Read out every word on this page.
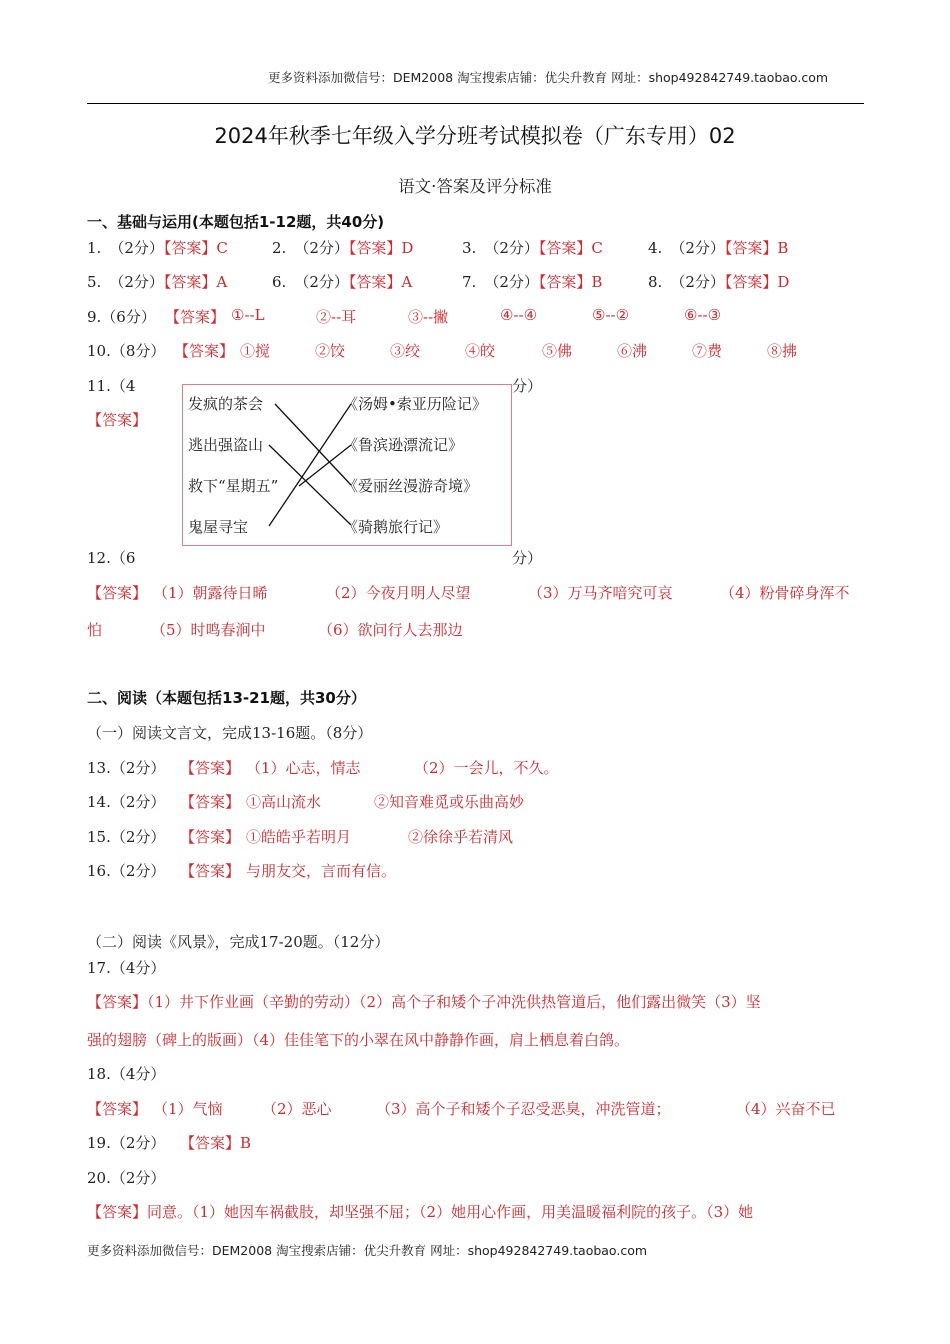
更多资料添加微信号：DEM2008 淘宝搜索店铺：优尖升教育 网址：shop492842749.taobao.com
2024年秋季七年级入学分班考试模拟卷（广东专用）02
语文·答案及评分标准
一、基础与运用(本题包括1-12题，共40分)
1. （2分）【答案】C	2. （2分）【答案】D	3. （2分）【答案】C	4. （2分）【答案】B
5. （2分）【答案】A	6. （2分）【答案】A	7. （2分）【答案】B	8. （2分）【答案】D
9.（6分） 【答案】 ①--L	②--耳	③--撇	④--④	⑤--②	⑥--③
10.（8分） 【答案】 ①搅	②饺	③绞	④皎	⑤佛	⑥沸	⑦费	⑧拂
11.（4	分）
【答案】
发疯的茶会
逃出强盗山
救下“星期五”
鬼屋寻宝
《汤姆•索亚历险记》
《鲁滨逊漂流记》
《爱丽丝漫游奇境》
《骑鹅旅行记》
12.（6	分）
【答案】 （1）朝露待日晞	（2）今夜月明人尽望	（3）万马齐喑究可哀	（4）粉骨碎身浑不
怕	（5）时鸣春涧中	（6）欲问行人去那边
二、阅读（本题包括13-21题，共30分）
（一）阅读文言文，完成13-16题。（8分）
13.（2分） 【答案】 （1）心志，情志	（2）一会儿，不久。
14.（2分） 【答案】 ①高山流水	②知音难觅或乐曲高妙
15.（2分） 【答案】 ①皓皓乎若明月	②徐徐乎若清风
16.（2分） 【答案】 与朋友交，言而有信。
（二）阅读《风景》，完成17-20题。（12分）
17.（4分）
【答案】（1）井下作业画（辛勤的劳动）（2）高个子和矮个子冲洗供热管道后，他们露出微笑（3）坚
强的翅膀（碑上的版画）（4）佳佳笔下的小翠在风中静静作画，肩上栖息着白鸽。
18.（4分）
【答案】 （1）气恼	（2）恶心	（3）高个子和矮个子忍受恶臭，冲洗管道；	（4）兴奋不已
19.（2分） 【答案】B
20.（2分）
【答案】同意。（1）她因车祸截肢，却坚强不屈；（2）她用心作画，用美温暖福利院的孩子。（3）她
更多资料添加微信号：DEM2008 淘宝搜索店铺：优尖升教育 网址：shop492842749.taobao.com
